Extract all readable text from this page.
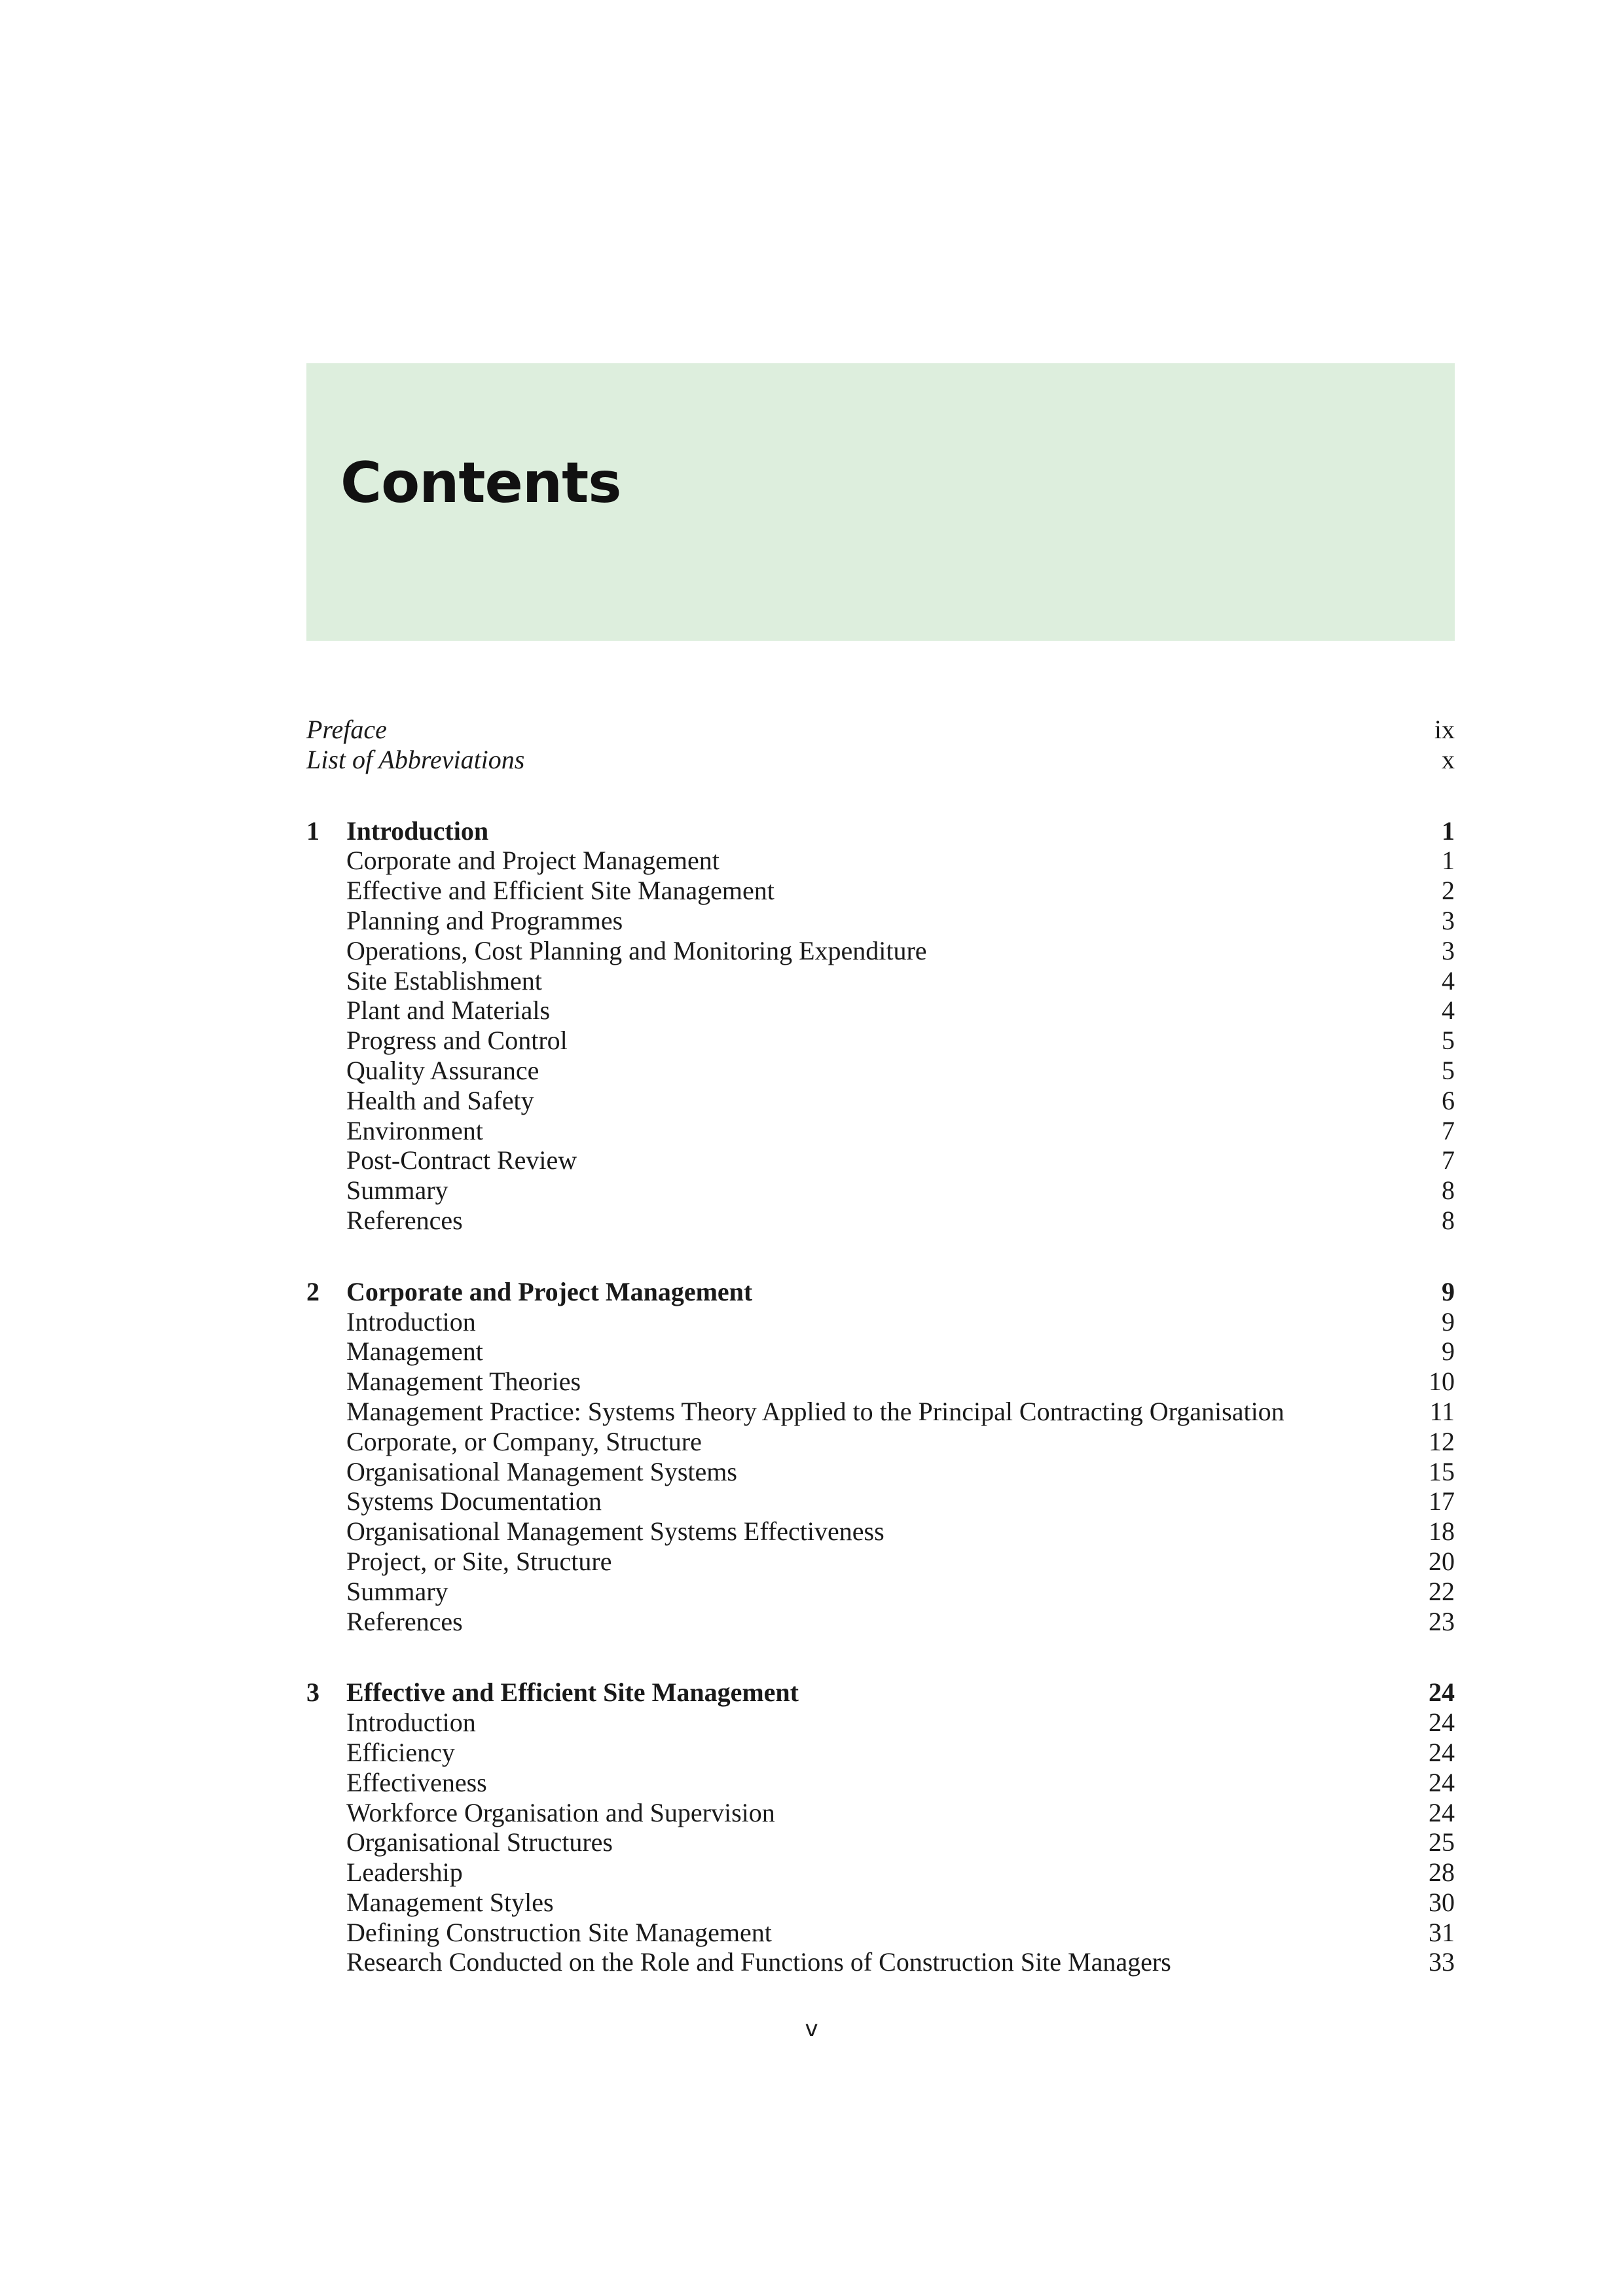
Contents
Preface	ix
List of Abbreviations	x
1 Introduction	1
Corporate and Project Management	1
Effective and Efficient Site Management	2
Planning and Programmes	3
Operations, Cost Planning and Monitoring Expenditure	3
Site Establishment	4
Plant and Materials	4
Progress and Control	5
Quality Assurance	5
Health and Safety	6
Environment	7
Post-Contract Review	7
Summary	8
References	8
2 Corporate and Project Management	9
Introduction	9
Management	9
Management Theories	10
Management Practice: Systems Theory Applied to the Principal Contracting Organisation	11
Corporate, or Company, Structure	12
Organisational Management Systems	15
Systems Documentation	17
Organisational Management Systems Effectiveness	18
Project, or Site, Structure	20
Summary	22
References	23
3 Effective and Efficient Site Management	24
Introduction	24
Efficiency	24
Effectiveness	24
Workforce Organisation and Supervision	24
Organisational Structures	25
Leadership	28
Management Styles	30
Defining Construction Site Management	31
Research Conducted on the Role and Functions of Construction Site Managers	33
v
